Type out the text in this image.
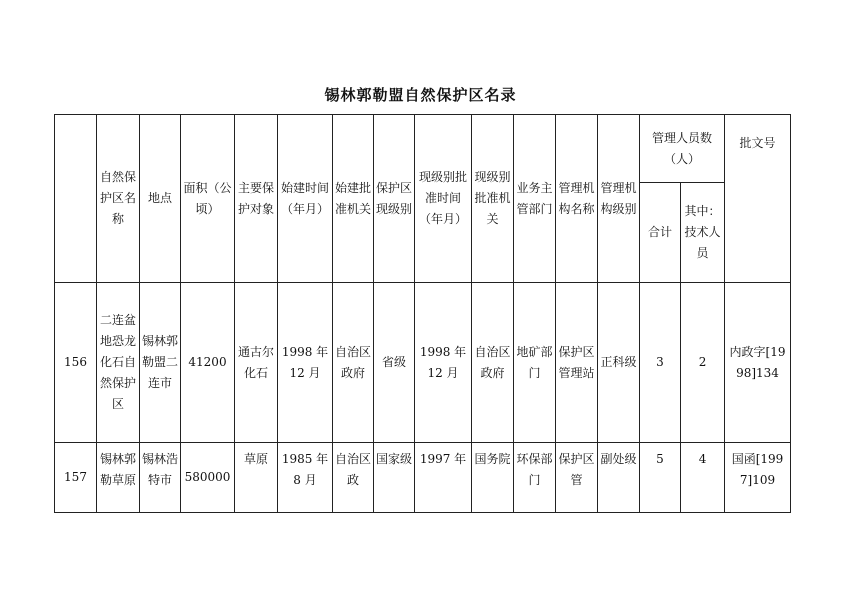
锡林郭勒盟自然保护区名录
	自然保护区名称	地点	面积（公顷）	主要保护对象	始建时间 （年月）	始建批准机关	保护区现级别	现级别批准时间（年月）	现级别批准机关	业务主管部门	管理机构名称	管理机构级别	管理人员数（人）		批文号
													合计	其中：技术人员	
156	二连盆地恐龙化石自然保护区	锡林郭勒盟二连市	41200	通古尔化石	1998 年 12 月	自治区政府	省级	1998 年 12 月	自治区政府	地矿部门	保护区管理站	正科级	3	2	内政字[1998]134
157	锡林郭勒草原	锡林浩特市	580000	草原	1985 年 8 月	自治区政	国家级	1997 年	国务院	环保部门	保护区管	副处级	5	4	国函[1997]109
